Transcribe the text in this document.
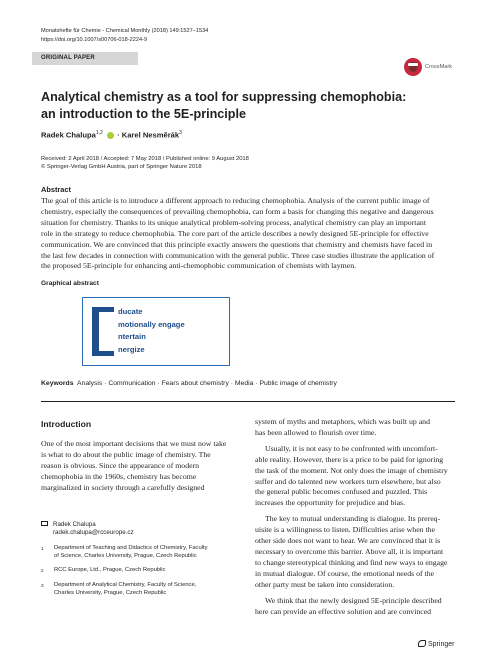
Monatshefte für Chemie - Chemical Monthly (2018) 149:1527–1534
https://doi.org/10.1007/s00706-018-2224-9
ORIGINAL PAPER
CrossMark
Analytical chemistry as a tool for suppressing chemophobia:
an introduction to the 5E-principle
Radek Chalupa$^{1,2}$ · Karel Nesměrák$^3$
Received: 2 April 2018 / Accepted: 7 May 2018 / Published online: 9 August 2018
© Springer-Verlag GmbH Austria, part of Springer Nature 2018
Abstract
The goal of this article is to introduce a different approach to reducing chemophobia. Analysis of the current public image of
chemistry, especially the consequences of prevailing chemophobia, can form a basis for changing this negative and dangerous
situation for chemistry. Thanks to its unique analytical problem-solving process, analytical chemistry can play an important
role in the strategy to reduce chemophobia. The core part of the article describes a newly designed 5E-principle for effective
communication. We are convinced that this principle exactly answers the questions that chemistry and chemists have faced in
the last few decades in connection with communication with the general public. Three case studies illustrate the application of
the proposed 5E-principle for enhancing anti-chemophobic communication of chemists with laymen.
Graphical abstract
ducate
motionally engage
ntertain
nergize
Keywords Analysis · Communication · Fears about chemistry · Media · Public image of chemistry
Introduction
One of the most important decisions that we must now take
is what to do about the public image of chemistry. The
reason is obvious. Since the appearance of modern
chemophobia in the 1960s, chemistry has become
marginalized in society through a carefully designed
system of myths and metaphors, which was built up and
has been allowed to flourish over time.
Usually, it is not easy to be confronted with uncomfort-
able reality. However, there is a price to be paid for ignoring
the task of the moment. Not only does the image of chemistry
suffer and do talented new workers turn elsewhere, but also
the general public becomes confused and puzzled. This
increases the opportunity for prejudice and bias.
The key to mutual understanding is dialogue. Its prereq-
uisite is a willingness to listen. Difficulties arise when the
other side does not want to hear. We are convinced that it is
necessary to overcome this barrier. Above all, it is important
to change stereotypical thinking and find new ways to engage
in mutual dialogue. Of course, the emotional needs of the
other party must be taken into consideration.
We think that the newly designed 5E-principle described
here can provide an effective solution and are convinced
Radek Chalupa
radek.chalupa@rcceurope.cz
1 Department of Teaching and Didactics of Chemistry, Faculty
of Science, Charles University, Prague, Czech Republic
2 RCC Europe, Ltd., Prague, Czech Republic
3 Department of Analytical Chemistry, Faculty of Science,
Charles University, Prague, Czech Republic
Springer
